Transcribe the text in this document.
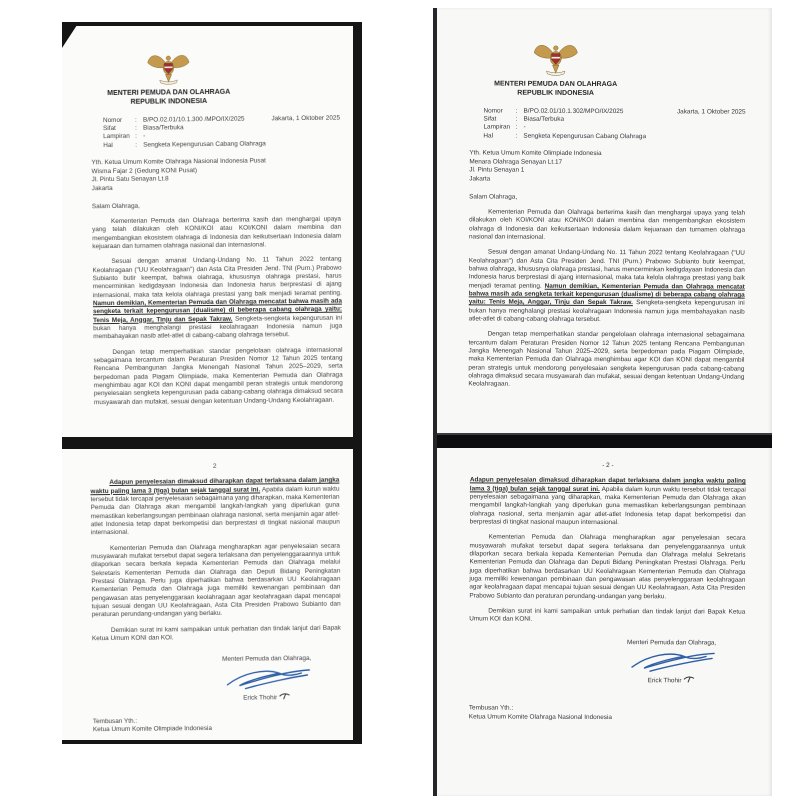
MENTERI PEMUDA DAN OLAHRAGA
REPUBLIK INDONESIA
Nomor	: B/PO.02.01/10.1.300 /MPO/IX/2025	Jakarta, 1 Oktober 2025
Sifat	: Biasa/Terbuka
Lampiran : -
Hal	: Sengketa Kepengurusan Cabang Olahraga
Yth. Ketua Umum Komite Olahraga Nasional Indonesia Pusat
Wisma Fajar 2 (Gedung KONI Pusat)
Jl. Pintu Satu Senayan Lt.8
Jakarta
Salam Olahraga,
Kementerian Pemuda dan Olahraga berterima kasih dan menghargai upaya yang telah dilakukan oleh KONI/KOI atau KOI/KONI dalam membina dan mengembangkan ekosistem olahraga di Indonesia dan keikutsertaan Indonesia dalam kejuaraan dan turnamen olahraga nasional dan internasional.
Sesuai dengan amanat Undang-Undang No. 11 Tahun 2022 tentang Keolahragaan ("UU Keolahragaan") dan Asta Cita Presiden Jend. TNI (Purn.) Prabowo Subianto butir keempat, bahwa olahraga, khususnya olahraga prestasi, harus mencerminkan kedigdayaan Indonesia dan Indonesia harus berprestasi di ajang internasional, maka tata kelola olahraga prestasi yang baik menjadi teramat penting. Namun demikian, Kementerian Pemuda dan Olahraga mencatat bahwa masih ada sengketa terkait kepengurusan (dualisme) di beberapa cabang olahraga yaitu: Tenis Meja, Anggar, Tinju dan Sepak Takraw. Sengketa-sengketa kepengurusan ini bukan hanya menghalangi prestasi keolahragaan Indonesia namun juga membahayakan nasib atlet-atlet di cabang-cabang olahraga tersebut.
Dengan tetap memperhatikan standar pengelolaan olahraga internasional sebagaimana tercantum dalam Peraturan Presiden Nomor 12 Tahun 2025 tentang Rencana Pembangunan Jangka Menengah Nasional Tahun 2025–2029, serta berpedoman pada Piagam Olimpiade, maka Kementerian Pemuda dan Olahraga menghimbau agar KOI dan KONI dapat mengambil peran strategis untuk mendorong penyelesaian sengketa kepengurusan pada cabang-cabang olahraga dimaksud secara musyawarah dan mufakat, sesuai dengan ketentuan Undang-Undang Keolahragaan.
2
Adapun penyelesaian dimaksud diharapkan dapat terlaksana dalam jangka waktu paling lama 3 (tiga) bulan sejak tanggal surat ini. Apabila dalam kurun waktu tersebut tidak tercapai penyelesaian sebagaimana yang diharapkan, maka Kementerian Pemuda dan Olahraga akan mengambil langkah-langkah yang diperlukan guna memastikan keberlangsungan pembinaan olahraga nasional, serta menjamin agar atlet-atlet Indonesia tetap dapat berkompetisi dan berprestasi di tingkat nasional maupun internasional.
Kementerian Pemuda dan Olahraga mengharapkan agar penyelesaian secara musyawarah mufakat tersebut dapat segera terlaksana dan penyelenggaraannya untuk dilaporkan secara berkala kepada Kementerian Pemuda dan Olahraga melalui Sekretaris Kementerian Pemuda dan Olahraga dan Deputi Bidang Peningkatan Prestasi Olahraga. Perlu juga diperhatikan bahwa berdasarkan UU Keolahragaan Kementerian Pemuda dan Olahraga juga memiliki kewenangan pembinaan dan pengawasan atas penyelenggaraan keolahragaan agar keolahragaan dapat mencapai tujuan sesuai dengan UU Keolahragaan, Asta Cita Presiden Prabowo Subianto dan peraturan perundang-undangan yang berlaku.
Demikian surat ini kami sampaikan untuk perhatian dan tindak lanjut dari Bapak Ketua Umum KONI dan KOI.
Menteri Pemuda dan Olahraga,
Erick Thohir
Tembusan Yth.:
Ketua Umum Komite Olimpiade Indonesia
MENTERI PEMUDA DAN OLAHRAGA
REPUBLIK INDONESIA
Nomor	: B/PO.02.01/10.1.302/MPO/IX/2025	Jakarta, 1 Oktober 2025
Sifat	: Biasa/Terbuka
Lampiran : -
Hal	: Sengketa Kepengurusan Cabang Olahraga
Yth. Ketua Umum Komite Olimpiade Indonesia
Menara Olahraga Senayan Lt.17
Jl. Pintu Senayan 1
Jakarta
Salam Olahraga,
Kementerian Pemuda dan Olahraga berterima kasih dan menghargai upaya yang telah dilakukan oleh KOI/KONI atau KONI/KOI dalam membina dan mengembangkan ekosistem olahraga di Indonesia dan keikutsertaan Indonesia dalam kejuaraan dan turnamen olahraga nasional dan internasional.
Sesuai dengan amanat Undang-Undang No. 11 Tahun 2022 tentang Keolahragaan ("UU Keolahragaan") dan Asta Cita Presiden Jend. TNI (Purn.) Prabowo Subianto butir keempat, bahwa olahraga, khususnya olahraga prestasi, harus mencerminkan kedigdayaan Indonesia dan Indonesia harus berprestasi di ajang internasional, maka tata kelola olahraga prestasi yang baik menjadi teramat penting. Namun demikian, Kementerian Pemuda dan Olahraga mencatat bahwa masih ada sengketa terkait kepengurusan (dualisme) di beberapa cabang olahraga yaitu: Tenis Meja, Anggar, Tinju dan Sepak Takraw. Sengketa-sengketa kepengurusan ini bukan hanya menghalangi prestasi keolahragaan Indonesia namun juga membahayakan nasib atlet-atlet di cabang-cabang olahraga tersebut.
Dengan tetap memperhatikan standar pengelolaan olahraga internasional sebagaimana tercantum dalam Peraturan Presiden Nomor 12 Tahun 2025 tentang Rencana Pembangunan Jangka Menengah Nasional Tahun 2025–2029, serta berpedoman pada Piagam Olimpiade, maka Kementerian Pemuda dan Olahraga menghimbau agar KOI dan KONI dapat mengambil peran strategis untuk mendorong penyelesaian sengketa kepengurusan pada cabang-cabang olahraga dimaksud secara musyawarah dan mufakat, sesuai dengan ketentuan Undang-Undang Keolahragaan.
- 2 -
Adapun penyelesaian dimaksud diharapkan dapat terlaksana dalam jangka waktu paling lama 3 (tiga) bulan sejak tanggal surat ini. Apabila dalam kurun waktu tersebut tidak tercapai penyelesaian sebagaimana yang diharapkan, maka Kementerian Pemuda dan Olahraga akan mengambil langkah-langkah yang diperlukan guna memastikan keberlangsungan pembinaan olahraga nasional, serta menjamin agar atlet-atlet Indonesia tetap dapat berkompetisi dan berprestasi di tingkat nasional maupun internasional.
Kementerian Pemuda dan Olahraga mengharapkan agar penyelesaian secara musyawarah mufakat tersebut dapat segera terlaksana dan penyelenggaraannya untuk dilaporkan secara berkala kepada Kementerian Pemuda dan Olahraga melalui Sekretaris Kementerian Pemuda dan Olahraga dan Deputi Bidang Peningkatan Prestasi Olahraga. Perlu juga diperhatikan bahwa berdasarkan UU Keolahragaan Kementerian Pemuda dan Olahraga juga memiliki kewenangan pembinaan dan pengawasan atas penyelenggaraan keolahragaan agar keolahragaan dapat mencapai tujuan sesuai dengan UU Keolahragaan, Asta Cita Presiden Prabowo Subianto dan peraturan perundang-undangan yang berlaku.
Demikian surat ini kami sampaikan untuk perhatian dan tindak lanjut dari Bapak Ketua Umum KOI dan KONI.
Menteri Pemuda dan Olahraga,
Erick Thohir
Tembusan Yth.:
Ketua Umum Komite Olahraga Nasional Indonesia
